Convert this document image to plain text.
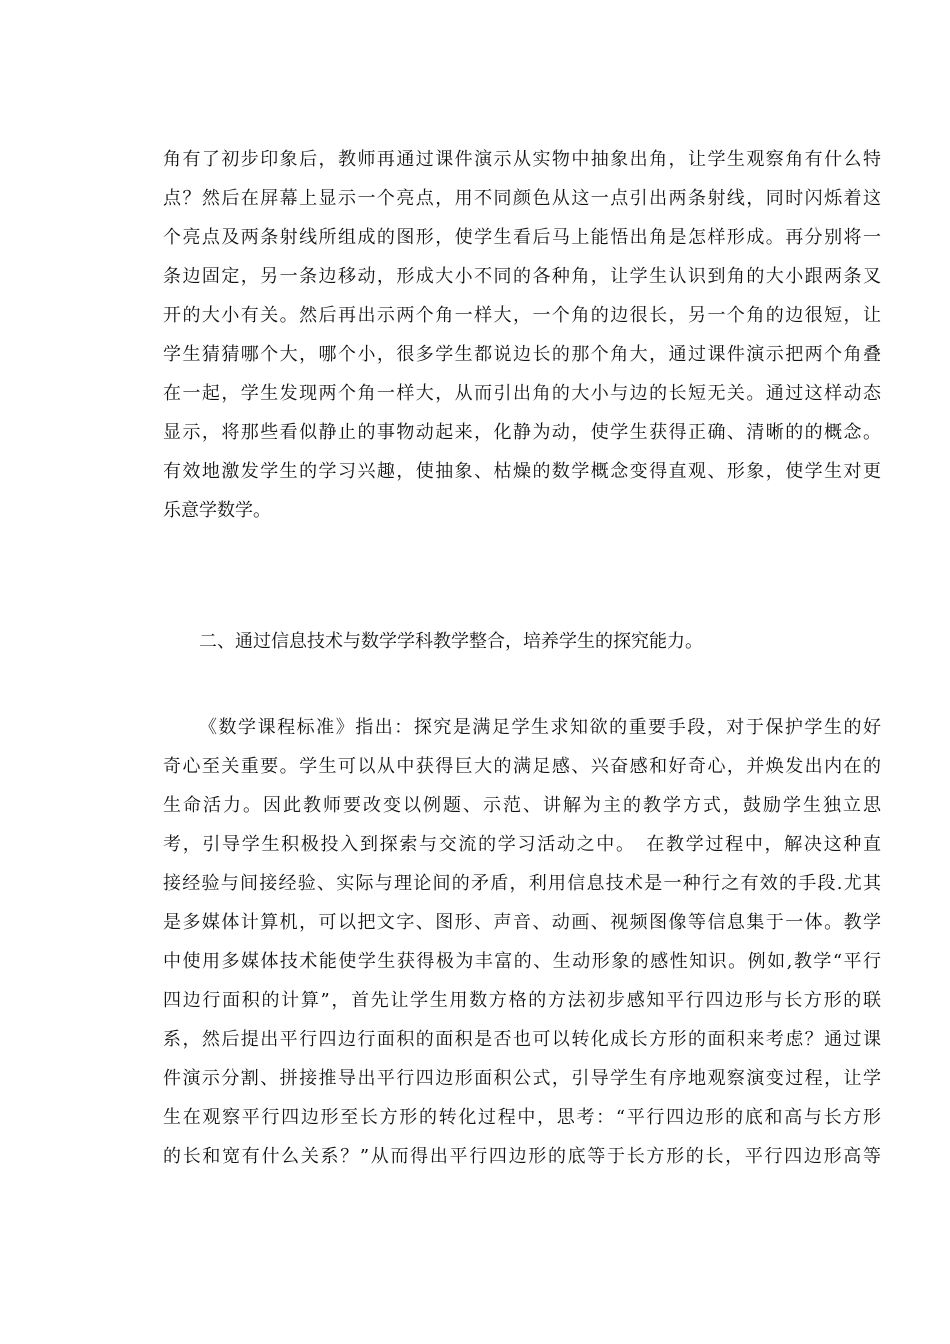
角有了初步印象后，教师再通过课件演示从实物中抽象出角，让学生观察角有什么特
点？然后在屏幕上显示一个亮点，用不同颜色从这一点引出两条射线，同时闪烁着这
个亮点及两条射线所组成的图形，使学生看后马上能悟出角是怎样形成。再分别将一
条边固定，另一条边移动，形成大小不同的各种角，让学生认识到角的大小跟两条叉
开的大小有关。然后再出示两个角一样大，一个角的边很长，另一个角的边很短，让
学生猜猜哪个大，哪个小，很多学生都说边长的那个角大，通过课件演示把两个角叠
在一起，学生发现两个角一样大，从而引出角的大小与边的长短无关。通过这样动态
显示，将那些看似静止的事物动起来，化静为动，使学生获得正确、清晰的的概念。
有效地激发学生的学习兴趣，使抽象、枯燥的数学概念变得直观、形象，使学生对更
乐意学数学。
二、通过信息技术与数学学科教学整合，培养学生的探究能力。
《数学课程标准》指出：探究是满足学生求知欲的重要手段，对于保护学生的好
奇心至关重要。学生可以从中获得巨大的满足感、兴奋感和好奇心，并焕发出内在的
生命活力。因此教师要改变以例题、示范、讲解为主的教学方式，鼓励学生独立思
考，引导学生积极投入到探索与交流的学习活动之中。　在教学过程中，解决这种直
接经验与间接经验、实际与理论间的矛盾，利用信息技术是一种行之有效的手段.尤其
是多媒体计算机，可以把文字、图形、声音、动画、视频图像等信息集于一体。教学
中使用多媒体技术能使学生获得极为丰富的、生动形象的感性知识。例如,教学“平行
四边行面积的计算”，首先让学生用数方格的方法初步感知平行四边形与长方形的联
系，然后提出平行四边行面积的面积是否也可以转化成长方形的面积来考虑？通过课
件演示分割、拼接推导出平行四边形面积公式，引导学生有序地观察演变过程，让学
生在观察平行四边形至长方形的转化过程中，思考：“平行四边形的底和高与长方形
的长和宽有什么关系？”从而得出平行四边形的底等于长方形的长，平行四边形高等
